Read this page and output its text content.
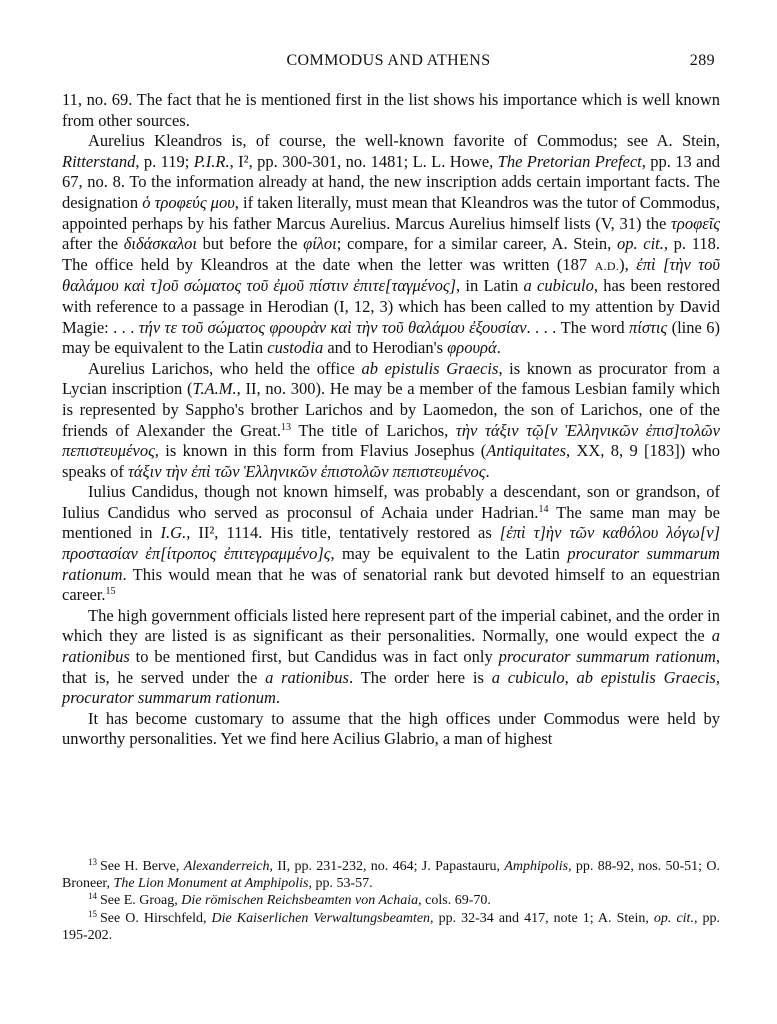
COMMODUS AND ATHENS	289

11, no. 69. The fact that he is mentioned first in the list shows his importance which is well known from other sources.

Aurelius Kleandros is, of course, the well-known favorite of Commodus; see A. Stein, Ritterstand, p. 119; P.I.R., I², pp. 300-301, no. 1481; L. L. Howe, The Pretorian Prefect, pp. 13 and 67, no. 8. To the information already at hand, the new inscription adds certain important facts. The designation ὁ τροφεύς μου, if taken literally, must mean that Kleandros was the tutor of Commodus, appointed perhaps by his father Marcus Aurelius. Marcus Aurelius himself lists (V, 31) the τροφεῖς after the διδάσκαλοι but before the φίλοι; compare, for a similar career, A. Stein, op. cit., p. 118. The office held by Kleandros at the date when the letter was written (187 A.D.), ἐπὶ [τὴν τοῦ θαλάμου καὶ τ]οῦ σώματος τοῦ ἐμοῦ πίστιν ἐπιτε[ταγμένος], in Latin a cubiculo, has been restored with reference to a passage in Herodian (I, 12, 3) which has been called to my attention by David Magie: . . . τήν τε τοῦ σώματος φρουρὰν καὶ τὴν τοῦ θαλάμου ἐξουσίαν. . . . The word πίστις (line 6) may be equivalent to the Latin custodia and to Herodian's φρουρά.

Aurelius Larichos, who held the office ab epistulis Graecis, is known as procurator from a Lycian inscription (T.A.M., II, no. 300). He may be a member of the famous Lesbian family which is represented by Sappho's brother Larichos and by Laomedon, the son of Larichos, one of the friends of Alexander the Great.$^{13}$ The title of Larichos, τὴν τάξιν τῷ[ν Ἑλληνικῶν ἐπισ]τολῶν πεπιστευμένος, is known in this form from Flavius Josephus (Antiquitates, XX, 8, 9 [183]) who speaks of τάξιν τὴν ἐπὶ τῶν Ἑλληνικῶν ἐπιστολῶν πεπιστευμένος.

Iulius Candidus, though not known himself, was probably a descendant, son or grandson, of Iulius Candidus who served as proconsul of Achaia under Hadrian.$^{14}$ The same man may be mentioned in I.G., II², 1114. His title, tentatively restored as [ἐπὶ τ]ὴν τῶν καθόλου λόγω[ν] προστασίαν ἐπ[ίτροπος ἐπιτεγραμμένο]ς, may be equivalent to the Latin procurator summarum rationum. This would mean that he was of senatorial rank but devoted himself to an equestrian career.$^{15}$

The high government officials listed here represent part of the imperial cabinet, and the order in which they are listed is as significant as their personalities. Normally, one would expect the a rationibus to be mentioned first, but Candidus was in fact only procurator summarum rationum, that is, he served under the a rationibus. The order here is a cubiculo, ab epistulis Graecis, procurator summarum rationum.

It has become customary to assume that the high offices under Commodus were held by unworthy personalities. Yet we find here Acilius Glabrio, a man of highest

$^{13}$ See H. Berve, Alexanderreich, II, pp. 231-232, no. 464; J. Papastauru, Amphipolis, pp. 88-92, nos. 50-51; O. Broneer, The Lion Monument at Amphipolis, pp. 53-57.

$^{14}$ See E. Groag, Die römischen Reichsbeamten von Achaia, cols. 69-70.

$^{15}$ See O. Hirschfeld, Die Kaiserlichen Verwaltungsbeamten, pp. 32-34 and 417, note 1; A. Stein, op. cit., pp. 195-202.
